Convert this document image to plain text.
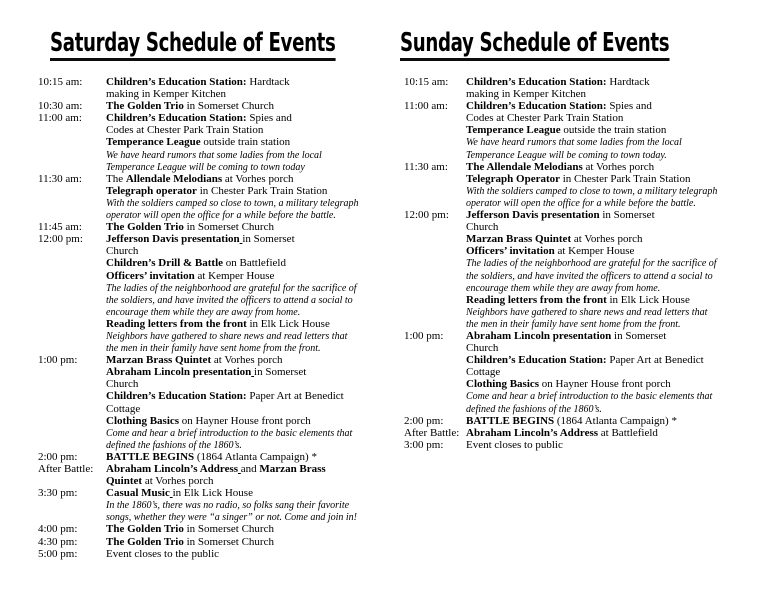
Saturday Schedule of Events
10:15 am: Children’s Education Station: Hardtack
making in Kemper Kitchen
10:30 am: The Golden Trio in Somerset Church
11:00 am: Children’s Education Station: Spies and
Codes at Chester Park Train Station
Temperance League outside train station
We have heard rumors that some ladies from the local
Temperance League will be coming to town today
11:30 am: The Allendale Melodians at Vorhes porch
Telegraph operator in Chester Park Train Station
With the soldiers camped so close to town, a military telegraph
operator will open the office for a while before the battle.
11:45 am: The Golden Trio in Somerset Church
12:00 pm: Jefferson Davis presentation in Somerset
Church
Children’s Drill & Battle on Battlefield
Officers’ invitation at Kemper House
The ladies of the neighborhood are grateful for the sacrifice of
the soldiers, and have invited the officers to attend a social to
encourage them while they are away from home.
Reading letters from the front in Elk Lick House
Neighbors have gathered to share news and read letters that
the men in their family have sent home from the front.
1:00 pm:	Marzan Brass Quintet at Vorhes porch
Abraham Lincoln presentation in Somerset
Church
Children’s Education Station: Paper Art at Benedict
Cottage
Clothing Basics on Hayner House front porch
Come and hear a brief introduction to the basic elements that
defined the fashions of the 1860’s.
2:00 pm:	BATTLE BEGINS (1864 Atlanta Campaign) *
After Battle: Abraham Lincoln’s Address and Marzan Brass
Quintet at Vorhes porch
3:30 pm:	Casual Music in Elk Lick House
In the 1860’s, there was no radio, so folks sang their favorite
songs, whether they were “a singer” or not. Come and join in!
4:00 pm:	The Golden Trio in Somerset Church
4:30 pm:	The Golden Trio in Somerset Church
5:00 pm:	Event closes to the public
Sunday Schedule of Events
10:15 am: Children’s Education Station: Hardtack
making in Kemper Kitchen
11:00 am: Children’s Education Station: Spies and
Codes at Chester Park Train Station
Temperance League outside the train station
We have heard rumors that some ladies from the local
Temperance League will be coming to town today.
11:30 am: The Allendale Melodians at Vorhes porch
Telegraph Operator in Chester Park Train Station
With the soldiers camped to close to town, a military telegraph
operator will open the office for a while before the battle.
12:00 pm: Jefferson Davis presentation in Somerset
Church
Marzan Brass Quintet at Vorhes porch
Officers’ invitation at Kemper House
The ladies of the neighborhood are grateful for the sacrifice of
the soldiers, and have invited the officers to attend a social to
encourage them while they are away from home.
Reading letters from the front in Elk Lick House
Neighbors have gathered to share news and read letters that
the men in their family have sent home from the front.
1:00 pm: Abraham Lincoln presentation in Somerset
Church
Children’s Education Station: Paper Art at Benedict
Cottage
Clothing Basics on Hayner House front porch
Come and hear a brief introduction to the basic elements that
defined the fashions of the 1860’s.
2:00 pm: BATTLE BEGINS (1864 Atlanta Campaign) *
After Battle: Abraham Lincoln’s Address at Battlefield
3:00 pm: Event closes to public
